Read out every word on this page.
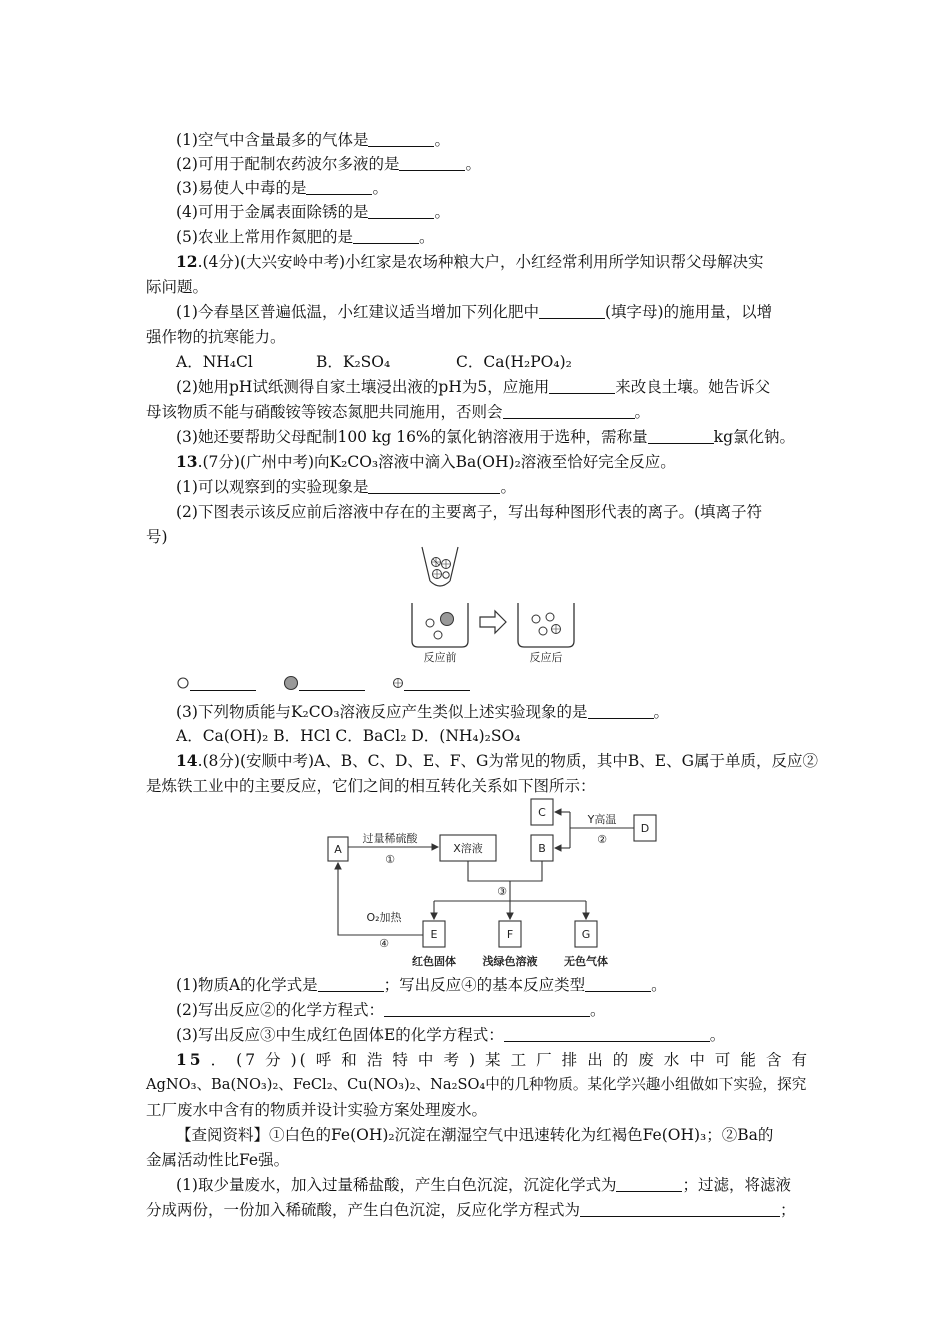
(1)空气中含量最多的气体是	。
(2)可用于配制农药波尔多液的是	。
(3)易使人中毒的是	。
(4)可用于金属表面除锈的是	。
(5)农业上常用作氮肥的是	。
12.(4分)(大兴安岭中考)小红家是农场种粮大户，小红经常利用所学知识帮父母解决实
际问题。
(1)今春垦区普遍低温，小红建议适当增加下列化肥中	(填字母)的施用量，以增
强作物的抗寒能力。
A．NH₄Cl	B．K₂SO₄	C．Ca(H₂PO₄)₂
(2)她用pH试纸测得自家土壤浸出液的pH为5，应施用	来改良土壤。她告诉父
母该物质不能与硝酸铵等铵态氮肥共同施用，否则会	。
(3)她还要帮助父母配制100 kg 16%的氯化钠溶液用于选种，需称量	kg氯化钠。
13.(7分)(广州中考)向K₂CO₃溶液中滴入Ba(OH)₂溶液至恰好完全反应。
(1)可以观察到的实验现象是	。
(2)下图表示该反应前后溶液中存在的主要离子，写出每种图形代表的离子。(填离子符
号)
反应前	反应后

(3)下列物质能与K₂CO₃溶液反应产生类似上述实验现象的是	。
A．Ca(OH)₂ B．HCl C．BaCl₂ D．(NH₄)₂SO₄
14.(8分)(安顺中考)A、B、C、D、E、F、G为常见的物质，其中B、E、G属于单质，反应②
是炼铁工业中的主要反应，它们之间的相互转化关系如下图所示：
A	X溶液
C
B
D
E	F	G
过量稀硫酸
①
Y高温
②
③
O₂加热
④
红色固体 浅绿色溶液 无色气体
(1)物质A的化学式是	；写出反应④的基本反应类型	。
(2)写出反应②的化学方程式：	。
(3)写出反应③中生成红色固体E的化学方程式：	。
15．(7分)(呼和浩特中考)某工厂排出的废水中可能含有
AgNO₃、Ba(NO₃)₂、FeCl₂、Cu(NO₃)₂、Na₂SO₄中的几种物质。某化学兴趣小组做如下实验，探究
工厂废水中含有的物质并设计实验方案处理废水。
【查阅资料】①白色的Fe(OH)₂沉淀在潮湿空气中迅速转化为红褐色Fe(OH)₃；②Ba的
金属活动性比Fe强。
(1)取少量废水，加入过量稀盐酸，产生白色沉淀，沉淀化学式为	；过滤，将滤液
分成两份，一份加入稀硫酸，产生白色沉淀，反应化学方程式为	；
